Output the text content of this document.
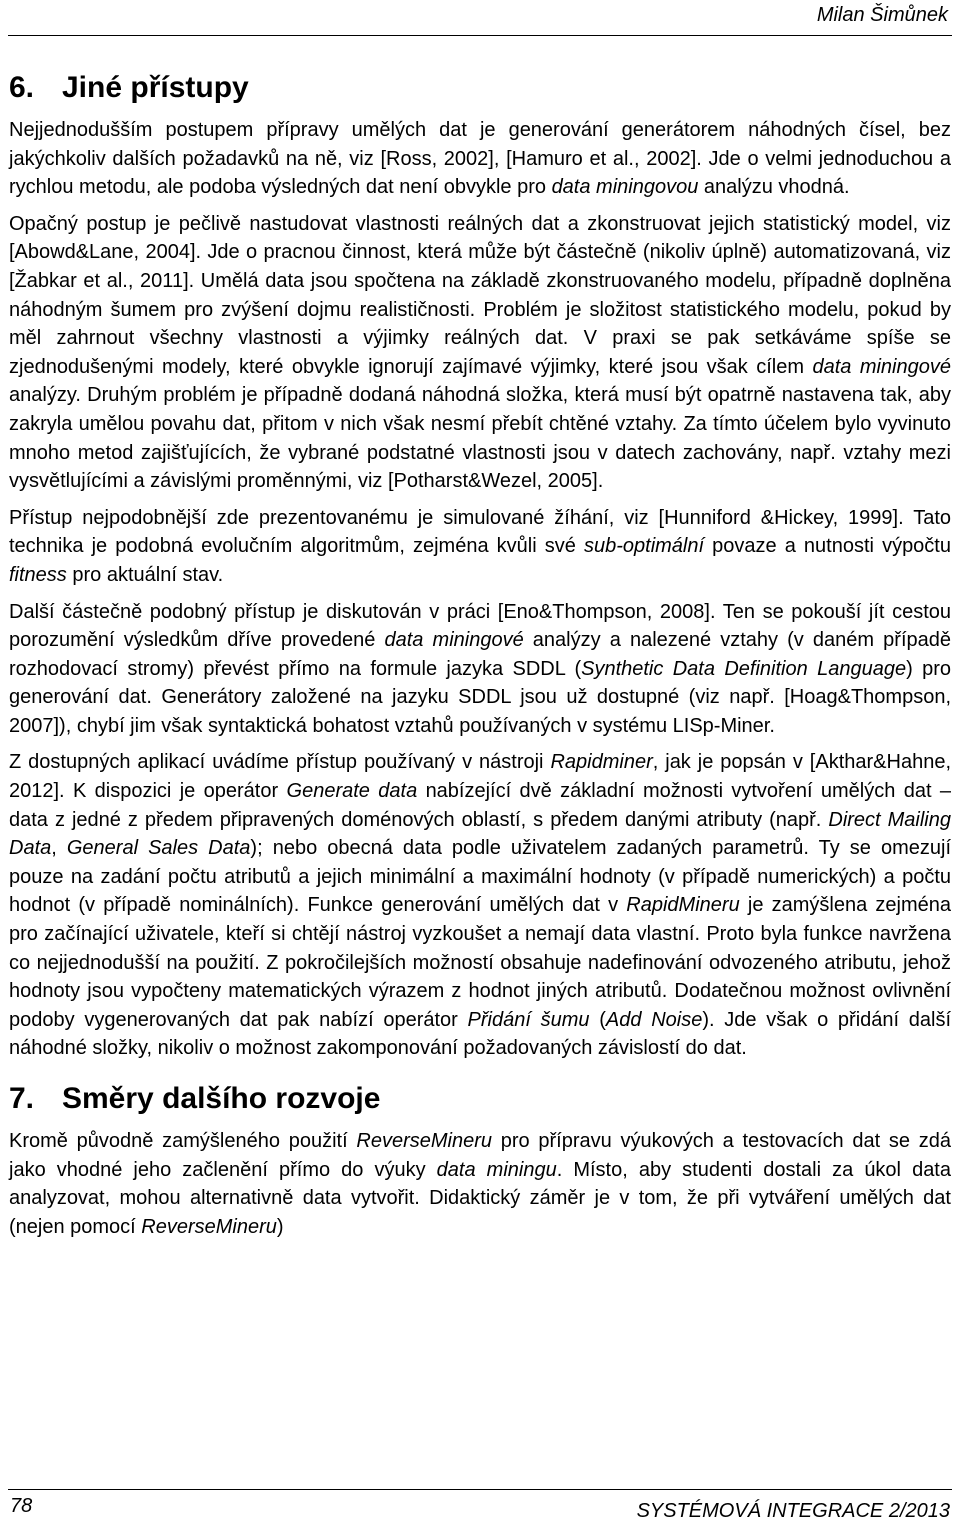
Milan Šimůnek
6. Jiné přístupy

Nejjednodušším postupem přípravy umělých dat je generování generátorem náhodných čísel, bez jakýchkoliv dalších požadavků na ně, viz [Ross, 2002], [Hamuro et al., 2002]. Jde o velmi jednoduchou a rychlou metodu, ale podoba výsledných dat není obvykle pro data miningovou analýzu vhodná.

Opačný postup je pečlivě nastudovat vlastnosti reálných dat a zkonstruovat jejich statistický model, viz [Abowd&Lane, 2004]. Jde o pracnou činnost, která může být částečně (nikoliv úplně) automatizovaná, viz [Žabkar et al., 2011]. Umělá data jsou spočtena na základě zkonstruovaného modelu, případně doplněna náhodným šumem pro zvýšení dojmu realističnosti. Problém je složitost statistického modelu, pokud by měl zahrnout všechny vlastnosti a výjimky reálných dat. V praxi se pak setkáváme spíše se zjednodušenými modely, které obvykle ignorují zajímavé výjimky, které jsou však cílem data miningové analýzy. Druhým problém je případně dodaná náhodná složka, která musí být opatrně nastavena tak, aby zakryla umělou povahu dat, přitom v nich však nesmí přebít chtěné vztahy. Za tímto účelem bylo vyvinuto mnoho metod zajišťujících, že vybrané podstatné vlastnosti jsou v datech zachovány, např. vztahy mezi vysvětlujícími a závislými proměnnými, viz [Potharst&Wezel, 2005].

Přístup nejpodobnější zde prezentovanému je simulované žíhání, viz [Hunniford &Hickey, 1999]. Tato technika je podobná evolučním algoritmům, zejména kvůli své sub-optimální povaze a nutnosti výpočtu fitness pro aktuální stav.

Další částečně podobný přístup je diskutován v práci [Eno&Thompson, 2008]. Ten se pokouší jít cestou porozumění výsledkům dříve provedené data miningové analýzy a nalezené vztahy (v daném případě rozhodovací stromy) převést přímo na formule jazyka SDDL (Synthetic Data Definition Language) pro generování dat. Generátory založené na jazyku SDDL jsou už dostupné (viz např. [Hoag&Thompson, 2007]), chybí jim však syntaktická bohatost vztahů používaných v systému LISp-Miner.

Z dostupných aplikací uvádíme přístup používaný v nástroji Rapidminer, jak je popsán v [Akthar&Hahne, 2012]. K dispozici je operátor Generate data nabízející dvě základní možnosti vytvoření umělých dat – data z jedné z předem připravených doménových oblastí, s předem danými atributy (např. Direct Mailing Data, General Sales Data); nebo obecná data podle uživatelem zadaných parametrů. Ty se omezují pouze na zadání počtu atributů a jejich minimální a maximální hodnoty (v případě numerických) a počtu hodnot (v případě nominálních). Funkce generování umělých dat v RapidMineru je zamýšlena zejména pro začínající uživatele, kteří si chtějí nástroj vyzkoušet a nemají data vlastní. Proto byla funkce navržena co nejjednodušší na použití. Z pokročilejších možností obsahuje nadefinování odvozeného atributu, jehož hodnoty jsou vypočteny matematických výrazem z hodnot jiných atributů. Dodatečnou možnost ovlivnění podoby vygenerovaných dat pak nabízí operátor Přidání šumu (Add Noise). Jde však o přidání další náhodné složky, nikoliv o možnost zakomponování požadovaných závislostí do dat.

7. Směry dalšího rozvoje

Kromě původně zamýšleného použití ReverseMineru pro přípravu výukových a testovacích dat se zdá jako vhodné jeho začlenění přímo do výuky data miningu. Místo, aby studenti dostali za úkol data analyzovat, mohou alternativně data vytvořit. Didaktický záměr je v tom, že při vytváření umělých dat (nejen pomocí ReverseMineru)

78	SYSTÉMOVÁ INTEGRACE 2/2013
